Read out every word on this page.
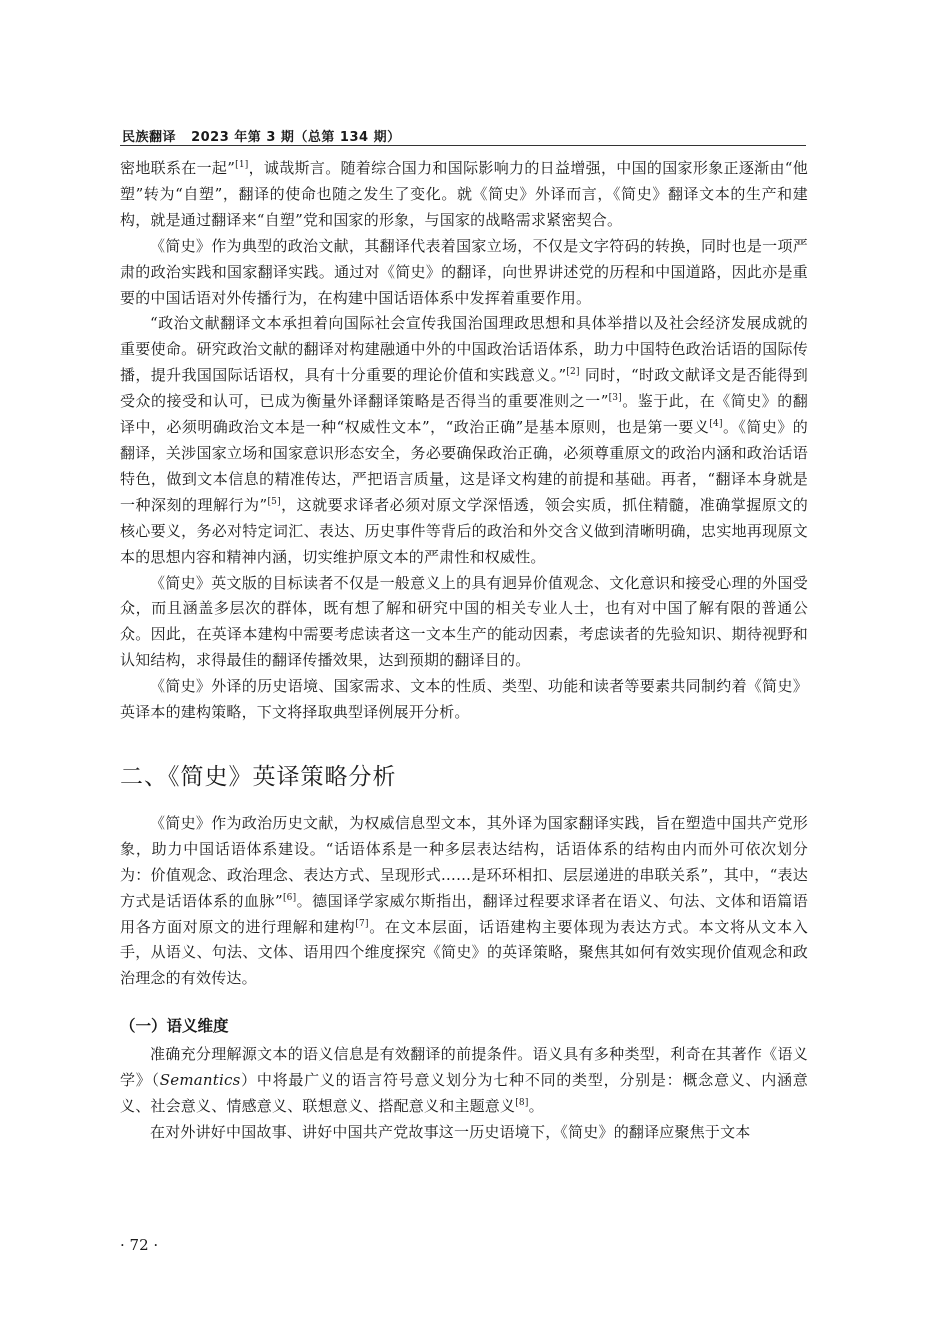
民族翻译 2023 年第 3 期（总第 134 期）

密地联系在一起”[1]，诚哉斯言。随着综合国力和国际影响力的日益增强，中国的国家形象正逐渐由“他塑”转为“自塑”，翻译的使命也随之发生了变化。就《简史》外译而言，《简史》翻译文本的生产和建构，就是通过翻译来“自塑”党和国家的形象，与国家的战略需求紧密契合。

《简史》作为典型的政治文献，其翻译代表着国家立场，不仅是文字符码的转换，同时也是一项严肃的政治实践和国家翻译实践。通过对《简史》的翻译，向世界讲述党的历程和中国道路，因此亦是重要的中国话语对外传播行为，在构建中国话语体系中发挥着重要作用。

“政治文献翻译文本承担着向国际社会宣传我国治国理政思想和具体举措以及社会经济发展成就的重要使命。研究政治文献的翻译对构建融通中外的中国政治话语体系，助力中国特色政治话语的国际传播，提升我国国际话语权，具有十分重要的理论价值和实践意义。”[2] 同时，“时政文献译文是否能得到受众的接受和认可，已成为衡量外译翻译策略是否得当的重要准则之一”[3]。鉴于此，在《简史》的翻译中，必须明确政治文本是一种“权威性文本”，“政治正确”是基本原则，也是第一要义[4]。《简史》的翻译，关涉国家立场和国家意识形态安全，务必要确保政治正确，必须尊重原文的政治内涵和政治话语特色，做到文本信息的精准传达，严把语言质量，这是译文构建的前提和基础。再者，“翻译本身就是一种深刻的理解行为”[5]，这就要求译者必须对原文学深悟透，领会实质，抓住精髓，准确掌握原文的核心要义，务必对特定词汇、表达、历史事件等背后的政治和外交含义做到清晰明确，忠实地再现原文本的思想内容和精神内涵，切实维护原文本的严肃性和权威性。

《简史》英文版的目标读者不仅是一般意义上的具有迥异价值观念、文化意识和接受心理的外国受众，而且涵盖多层次的群体，既有想了解和研究中国的相关专业人士，也有对中国了解有限的普通公众。因此，在英译本建构中需要考虑读者这一文本生产的能动因素，考虑读者的先验知识、期待视野和认知结构，求得最佳的翻译传播效果，达到预期的翻译目的。

《简史》外译的历史语境、国家需求、文本的性质、类型、功能和读者等要素共同制约着《简史》英译本的建构策略，下文将择取典型译例展开分析。

二、《简史》英译策略分析

《简史》作为政治历史文献，为权威信息型文本，其外译为国家翻译实践，旨在塑造中国共产党形象，助力中国话语体系建设。“话语体系是一种多层表达结构，话语体系的结构由内而外可依次划分为：价值观念、政治理念、表达方式、呈现形式……是环环相扣、层层递进的串联关系”，其中，“表达方式是话语体系的血脉”[6]。德国译学家威尔斯指出，翻译过程要求译者在语义、句法、文体和语篇语用各方面对原文的进行理解和建构[7]。在文本层面，话语建构主要体现为表达方式。本文将从文本入手，从语义、句法、文体、语用四个维度探究《简史》的英译策略，聚焦其如何有效实现价值观念和政治理念的有效传达。

（一）语义维度

准确充分理解源文本的语义信息是有效翻译的前提条件。语义具有多种类型，利奇在其著作《语义学》（Semantics）中将最广义的语言符号意义划分为七种不同的类型，分别是：概念意义、内涵意义、社会意义、情感意义、联想意义、搭配意义和主题意义[8]。

在对外讲好中国故事、讲好中国共产党故事这一历史语境下，《简史》的翻译应聚焦于文本

· 72 ·
